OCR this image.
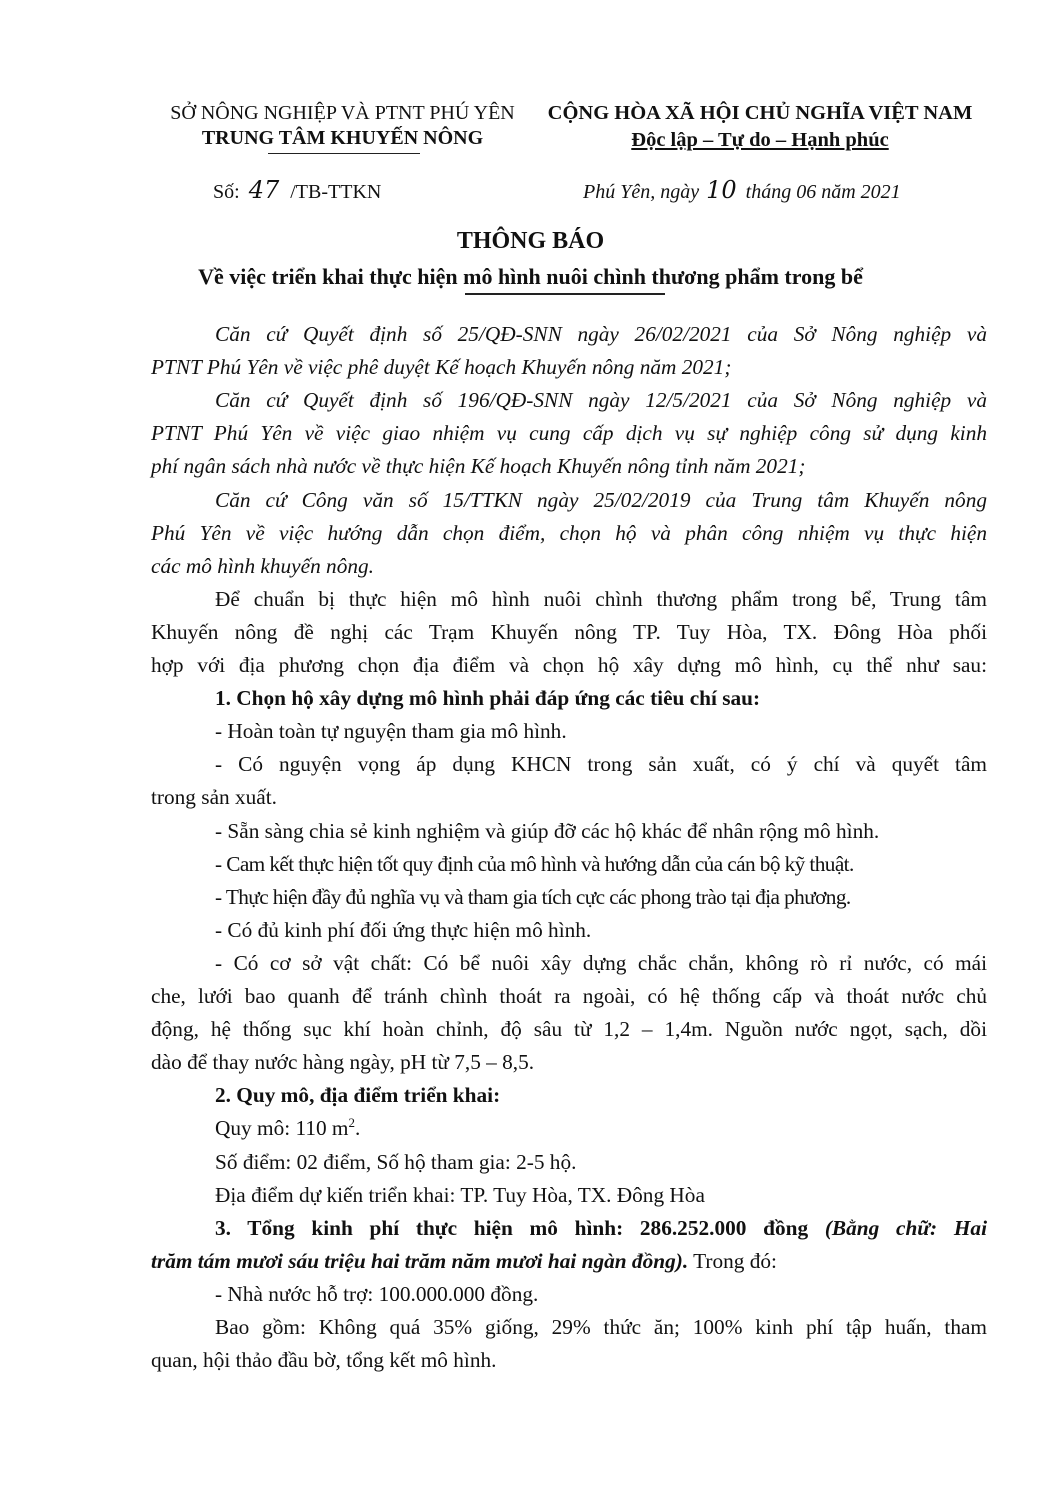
SỞ NÔNG NGHIỆP VÀ PTNT PHÚ YÊN
TRUNG TÂM KHUYẾN NÔNG
CỘNG HÒA XÃ HỘI CHỦ NGHĨA VIỆT NAM
Độc lập – Tự do – Hạnh phúc
Số: 47 /TB-TTKN	Phú Yên, ngày 10 tháng 06 năm 2021
THÔNG BÁO
Về việc triển khai thực hiện mô hình nuôi chình thương phẩm trong bể
Căn cứ Quyết định số 25/QĐ-SNN ngày 26/02/2021 của Sở Nông nghiệp và
PTNT Phú Yên về việc phê duyệt Kế hoạch Khuyến nông năm 2021;
Căn cứ Quyết định số 196/QĐ-SNN ngày 12/5/2021 của Sở Nông nghiệp và
PTNT Phú Yên về việc giao nhiệm vụ cung cấp dịch vụ sự nghiệp công sử dụng kinh
phí ngân sách nhà nước về thực hiện Kế hoạch Khuyến nông tỉnh năm 2021;
Căn cứ Công văn số 15/TTKN ngày 25/02/2019 của Trung tâm Khuyến nông
Phú Yên về việc hướng dẫn chọn điểm, chọn hộ và phân công nhiệm vụ thực hiện
các mô hình khuyến nông.
Để chuẩn bị thực hiện mô hình nuôi chình thương phẩm trong bể, Trung tâm
Khuyến nông đề nghị các Trạm Khuyến nông TP. Tuy Hòa, TX. Đông Hòa phối
hợp với địa phương chọn địa điểm và chọn hộ xây dựng mô hình, cụ thể như sau:
1. Chọn hộ xây dựng mô hình phải đáp ứng các tiêu chí sau:
- Hoàn toàn tự nguyện tham gia mô hình.
- Có nguyện vọng áp dụng KHCN trong sản xuất, có ý chí và quyết tâm
trong sản xuất.
- Sẵn sàng chia sẻ kinh nghiệm và giúp đỡ các hộ khác để nhân rộng mô hình.
- Cam kết thực hiện tốt quy định của mô hình và hướng dẫn của cán bộ kỹ thuật.
- Thực hiện đầy đủ nghĩa vụ và tham gia tích cực các phong trào tại địa phương.
- Có đủ kinh phí đối ứng thực hiện mô hình.
- Có cơ sở vật chất: Có bể nuôi xây dựng chắc chắn, không rò rỉ nước, có mái
che, lưới bao quanh để tránh chình thoát ra ngoài, có hệ thống cấp và thoát nước chủ
động, hệ thống sục khí hoàn chỉnh, độ sâu từ 1,2 – 1,4m. Nguồn nước ngọt, sạch, dồi
dào để thay nước hàng ngày, pH từ 7,5 – 8,5.
2. Quy mô, địa điểm triển khai:
Quy mô: 110 $m^2$.
Số điểm: 02 điểm, Số hộ tham gia: 2-5 hộ.
Địa điểm dự kiến triển khai: TP. Tuy Hòa, TX. Đông Hòa
3. Tổng kinh phí thực hiện mô hình: 286.252.000 đồng (Bằng chữ: Hai
trăm tám mươi sáu triệu hai trăm năm mươi hai ngàn đồng). Trong đó:
- Nhà nước hỗ trợ: 100.000.000 đồng.
Bao gồm: Không quá 35% giống, 29% thức ăn; 100% kinh phí tập huấn, tham
quan, hội thảo đầu bờ, tổng kết mô hình.
